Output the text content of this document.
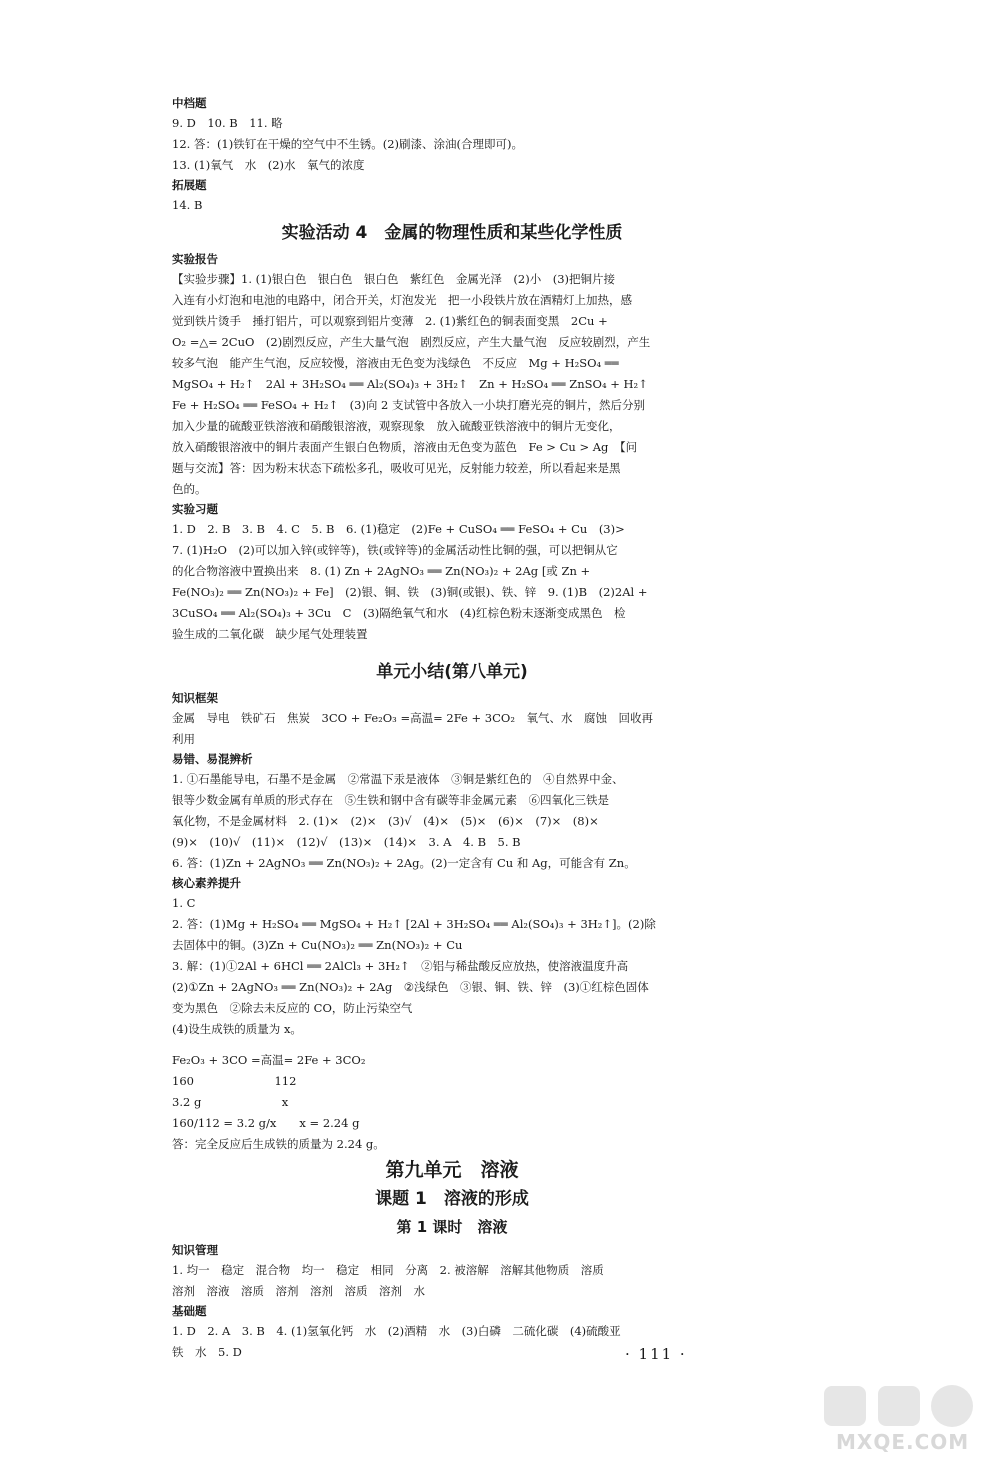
中档题
9. D　10. B　11. 略
12. 答：(1)铁钉在干燥的空气中不生锈。(2)刷漆、涂油(合理即可)。
13. (1)氧气　水　(2)水　氧气的浓度
拓展题
14. B
实验活动 4　金属的物理性质和某些化学性质
实验报告
【实验步骤】1. (1)银白色　银白色　银白色　紫红色　金属光泽　(2)小　(3)把铜片接
入连有小灯泡和电池的电路中，闭合开关，灯泡发光　把一小段铁片放在酒精灯上加热，感
觉到铁片烫手　捶打铝片，可以观察到铝片变薄　2. (1)紫红色的铜表面变黑　2Cu +
O₂ =△= 2CuO　(2)剧烈反应，产生大量气泡　剧烈反应，产生大量气泡　反应较剧烈，产生
较多气泡　能产生气泡，反应较慢，溶液由无色变为浅绿色　不反应　Mg + H₂SO₄ ══
MgSO₄ + H₂↑　2Al + 3H₂SO₄ ══ Al₂(SO₄)₃ + 3H₂↑　Zn + H₂SO₄ ══ ZnSO₄ + H₂↑
Fe + H₂SO₄ ══ FeSO₄ + H₂↑　(3)向 2 支试管中各放入一小块打磨光亮的铜片，然后分别
加入少量的硫酸亚铁溶液和硝酸银溶液，观察现象　放入硫酸亚铁溶液中的铜片无变化，
放入硝酸银溶液中的铜片表面产生银白色物质，溶液由无色变为蓝色　Fe > Cu > Ag　【问
题与交流】答：因为粉末状态下疏松多孔，吸收可见光，反射能力较差，所以看起来是黑
色的。
实验习题
1. D　2. B　3. B　4. C　5. B　6. (1)稳定　(2)Fe + CuSO₄ ══ FeSO₄ + Cu　(3)>
7. (1)H₂O　(2)可以加入锌(或锌等)，铁(或锌等)的金属活动性比铜的强，可以把铜从它
的化合物溶液中置换出来　8. (1) Zn + 2AgNO₃ ══ Zn(NO₃)₂ + 2Ag [或 Zn +
Fe(NO₃)₂ ══ Zn(NO₃)₂ + Fe]　(2)银、铜、铁　(3)铜(或银)、铁、锌　9. (1)B　(2)2Al +
3CuSO₄ ══ Al₂(SO₄)₃ + 3Cu　C　(3)隔绝氧气和水　(4)红棕色粉末逐渐变成黑色　检
验生成的二氧化碳　缺少尾气处理装置
单元小结(第八单元)
知识框架
金属　导电　铁矿石　焦炭　3CO + Fe₂O₃ =高温= 2Fe + 3CO₂　氧气、水　腐蚀　回收再
利用
易错、易混辨析
1. ①石墨能导电，石墨不是金属　②常温下汞是液体　③铜是紫红色的　④自然界中金、
银等少数金属有单质的形式存在　⑤生铁和钢中含有碳等非金属元素　⑥四氧化三铁是
氧化物，不是金属材料　2. (1)×　(2)×　(3)√　(4)×　(5)×　(6)×　(7)×　(8)×
(9)×　(10)√　(11)×　(12)√　(13)×　(14)×　3. A　4. B　5. B
6. 答：(1)Zn + 2AgNO₃ ══ Zn(NO₃)₂ + 2Ag。(2)一定含有 Cu 和 Ag，可能含有 Zn。
核心素养提升
1. C
2. 答：(1)Mg + H₂SO₄ ══ MgSO₄ + H₂↑ [2Al + 3H₂SO₄ ══ Al₂(SO₄)₃ + 3H₂↑]。(2)除
去固体中的铜。(3)Zn + Cu(NO₃)₂ ══ Zn(NO₃)₂ + Cu
3. 解：(1)①2Al + 6HCl ══ 2AlCl₃ + 3H₂↑　②铝与稀盐酸反应放热，使溶液温度升高
(2)①Zn + 2AgNO₃ ══ Zn(NO₃)₂ + 2Ag　②浅绿色　③银、铜、铁、锌　(3)①红棕色固体
变为黑色　②除去未反应的 CO，防止污染空气
(4)设生成铁的质量为 x。
Fe₂O₃ + 3CO =高温= 2Fe + 3CO₂
160　　　　　　　112
3.2 g　　　　　　　x
160/112 = 3.2 g/x　　x = 2.24 g
答：完全反应后生成铁的质量为 2.24 g。
第九单元　溶液
课题 1　溶液的形成
第 1 课时　溶液
知识管理
1. 均一　稳定　混合物　均一　稳定　相同　分离　2. 被溶解　溶解其他物质　溶质
溶剂　溶液　溶质　溶剂　溶剂　溶质　溶剂　水
基础题
1. D　2. A　3. B　4. (1)氢氧化钙　水　(2)酒精　水　(3)白磷　二硫化碳　(4)硫酸亚
铁　水　5. D	· 111 ·
MXQE.COM
